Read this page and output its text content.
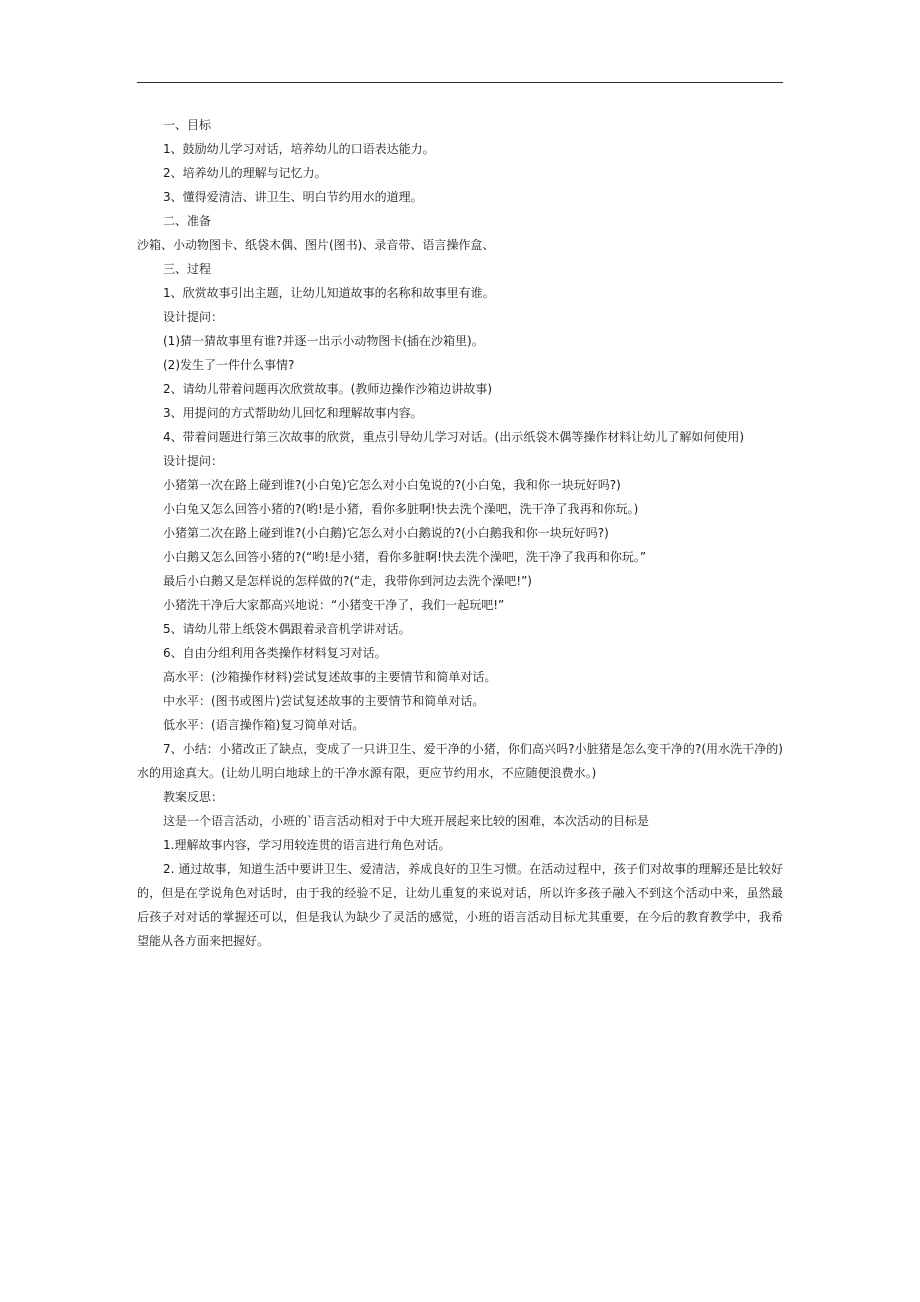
一、目标
1、鼓励幼儿学习对话，培养幼儿的口语表达能力。
2、培养幼儿的理解与记忆力。
3、懂得爱清洁、讲卫生、明白节约用水的道理。
二、准备
沙箱、小动物图卡、纸袋木偶、图片(图书)、录音带、语言操作盒、
三、过程
1、欣赏故事引出主题，让幼儿知道故事的名称和故事里有谁。
设计提问：
(1)猜一猜故事里有谁?并逐一出示小动物图卡(插在沙箱里)。
(2)发生了一件什么事情?
2、请幼儿带着问题再次欣赏故事。(教师边操作沙箱边讲故事)
3、用提问的方式帮助幼儿回忆和理解故事内容。
4、带着问题进行第三次故事的欣赏，重点引导幼儿学习对话。(出示纸袋木偶等操作材料让幼儿了解如何使用)
设计提问：
小猪第一次在路上碰到谁?(小白兔)它怎么对小白兔说的?(小白兔，我和你一块玩好吗?)
小白兔又怎么回答小猪的?(哟!是小猪，看你多脏啊!快去洗个澡吧，洗干净了我再和你玩。)
小猪第二次在路上碰到谁?(小白鹅)它怎么对小白鹅说的?(小白鹅我和你一块玩好吗?)
小白鹅又怎么回答小猪的?(“哟!是小猪，看你多脏啊!快去洗个澡吧，洗干净了我再和你玩。”
最后小白鹅又是怎样说的怎样做的?(“走，我带你到河边去洗个澡吧!”)
小猪洗干净后大家都高兴地说：“小猪变干净了，我们一起玩吧!”
5、请幼儿带上纸袋木偶跟着录音机学讲对话。
6、自由分组利用各类操作材料复习对话。
高水平：(沙箱操作材料)尝试复述故事的主要情节和简单对话。
中水平：(图书或图片)尝试复述故事的主要情节和简单对话。
低水平：(语言操作箱)复习简单对话。

7、小结：小猪改正了缺点，变成了一只讲卫生、爱干净的小猪，你们高兴吗?小脏猪是怎么变干净的?(用水洗干净的)水的用途真大。(让幼儿明白地球上的干净水源有限，更应节约用水，不应随便浪费水。)

教案反思：
这是一个语言活动，小班的`语言活动相对于中大班开展起来比较的困难，本次活动的目标是
1.理解故事内容，学习用较连贯的语言进行角色对话。

2. 通过故事，知道生活中要讲卫生、爱清洁，养成良好的卫生习惯。在活动过程中，孩子们对故事的理解还是比较好的，但是在学说角色对话时，由于我的经验不足，让幼儿重复的来说对话，所以许多孩子融入不到这个活动中来，虽然最后孩子对对话的掌握还可以，但是我认为缺少了灵活的感觉，小班的语言活动目标尤其重要，在今后的教育教学中，我希望能从各方面来把握好。
